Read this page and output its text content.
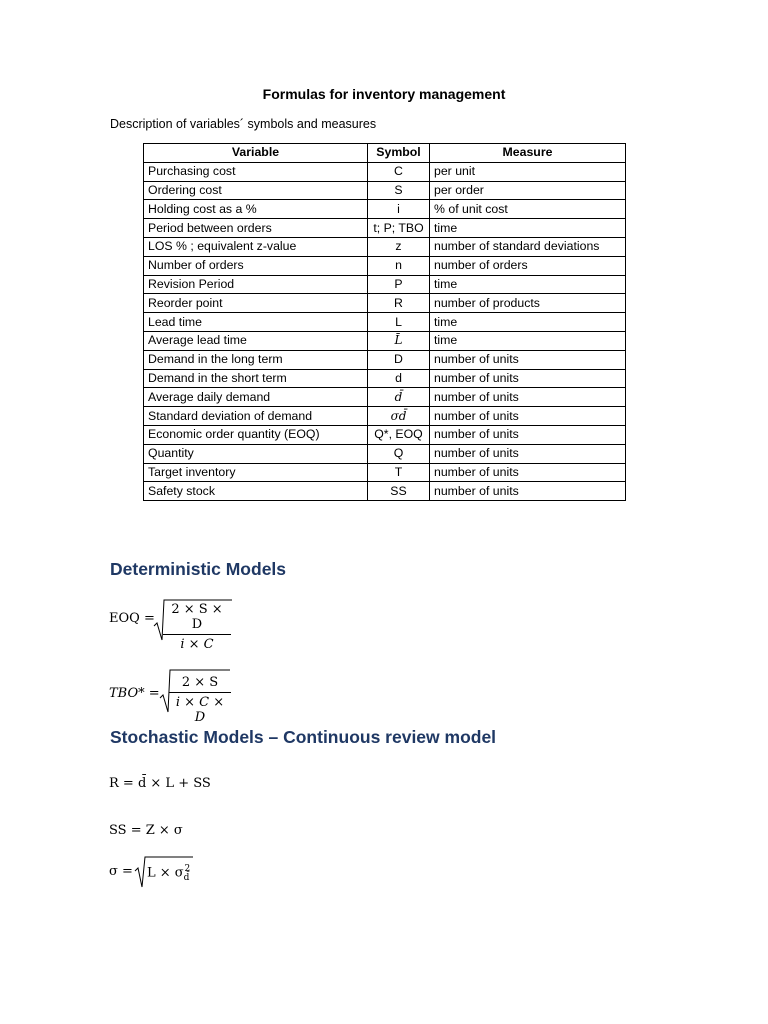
Formulas for inventory management
Description of variables´ symbols and measures
Variable	Symbol	Measure
Purchasing cost	C	per unit
Ordering cost	S	per order
Holding cost as a %	i	% of unit cost
Period between orders	t; P; TBO	time
LOS % ; equivalent z-value	z	number of standard deviations
Number of orders	n	number of orders
Revision Period	P	time
Reorder point	R	number of products
Lead time	L	time
Average lead time	L̄	time
Demand in the long term	D	number of units
Demand in the short term	d	number of units
Average daily demand	d̄	number of units
Standard deviation of demand	σd̄	number of units
Economic order quantity (EOQ)	Q*, EOQ	number of units
Quantity	Q	number of units
Target inventory	T	number of units
Safety stock	SS	number of units
Deterministic Models
EOQ = $\frac{2 \times S \times D}{i \times C}$
$TBO* = \frac{2 \times S}{i \times C \times D}$
Stochastic Models – Continuous review model
R = d̄ × L + SS
SS = Z × σ
$\sigma = L \times \sigma_{d̄}^2$
